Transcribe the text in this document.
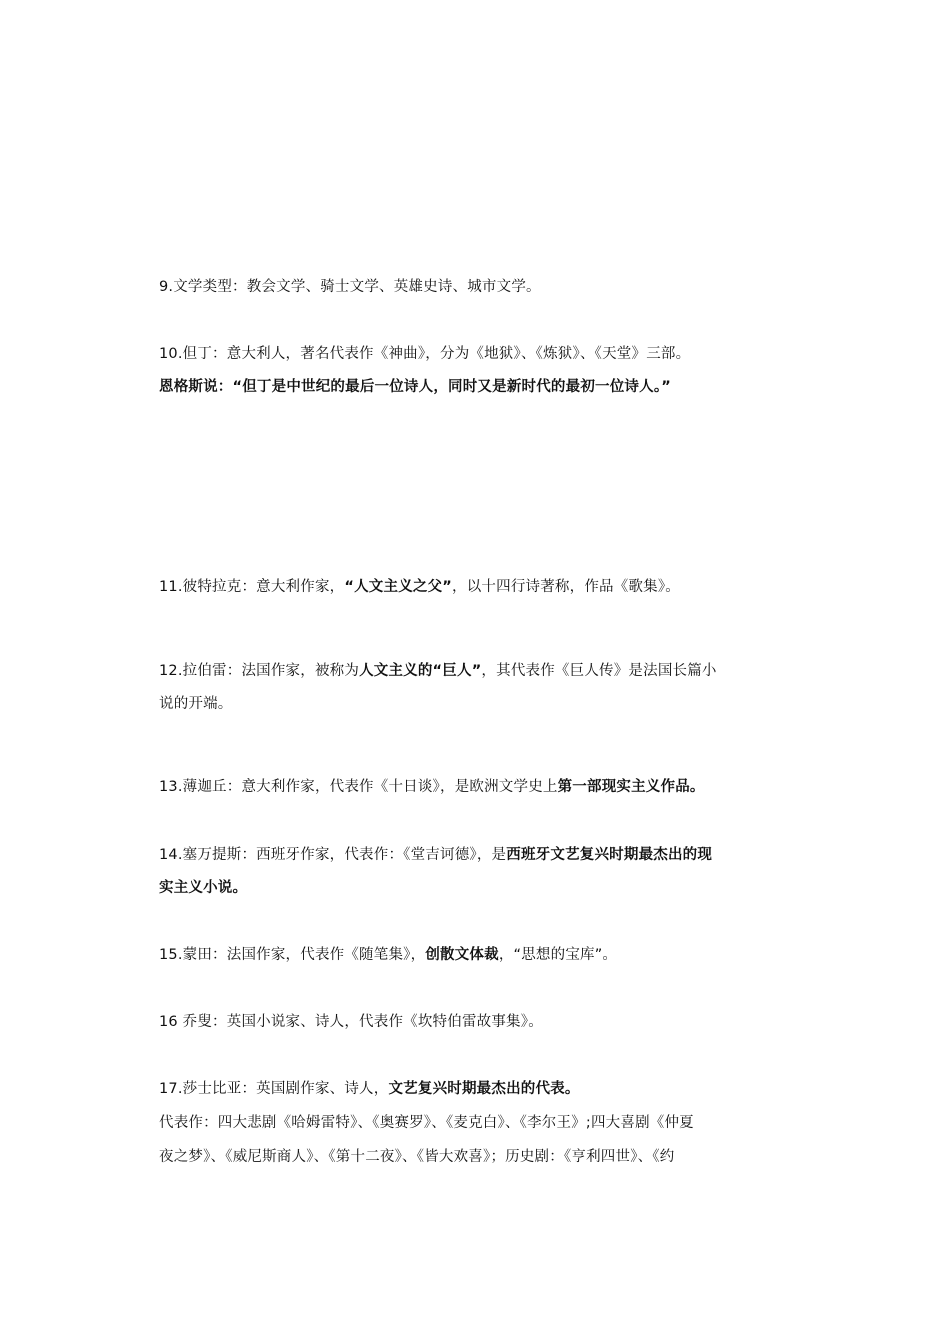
9.文学类型：教会文学、骑士文学、英雄史诗、城市文学。
10.但丁：意大利人，著名代表作《神曲》，分为《地狱》、《炼狱》、《天堂》三部。
恩格斯说：“但丁是中世纪的最后一位诗人，同时又是新时代的最初一位诗人。”
11.彼特拉克：意大利作家，“人文主义之父”，以十四行诗著称，作品《歌集》。
12.拉伯雷：法国作家，被称为人文主义的“巨人”，其代表作《巨人传》是法国长篇小
说的开端。
13.薄迦丘：意大利作家，代表作《十日谈》，是欧洲文学史上第一部现实主义作品。
14.塞万提斯：西班牙作家，代表作：《堂吉诃德》，是西班牙文艺复兴时期最杰出的现
实主义小说。
15.蒙田：法国作家，代表作《随笔集》，创散文体裁，“思想的宝库”。
16 乔叟：英国小说家、诗人，代表作《坎特伯雷故事集》。
17.莎士比亚：英国剧作家、诗人，文艺复兴时期最杰出的代表。
代表作：四大悲剧《哈姆雷特》、《奥赛罗》、《麦克白》、《李尔王》;四大喜剧《仲夏
夜之梦》、《威尼斯商人》、《第十二夜》、《皆大欢喜》；历史剧：《亨利四世》、《约
